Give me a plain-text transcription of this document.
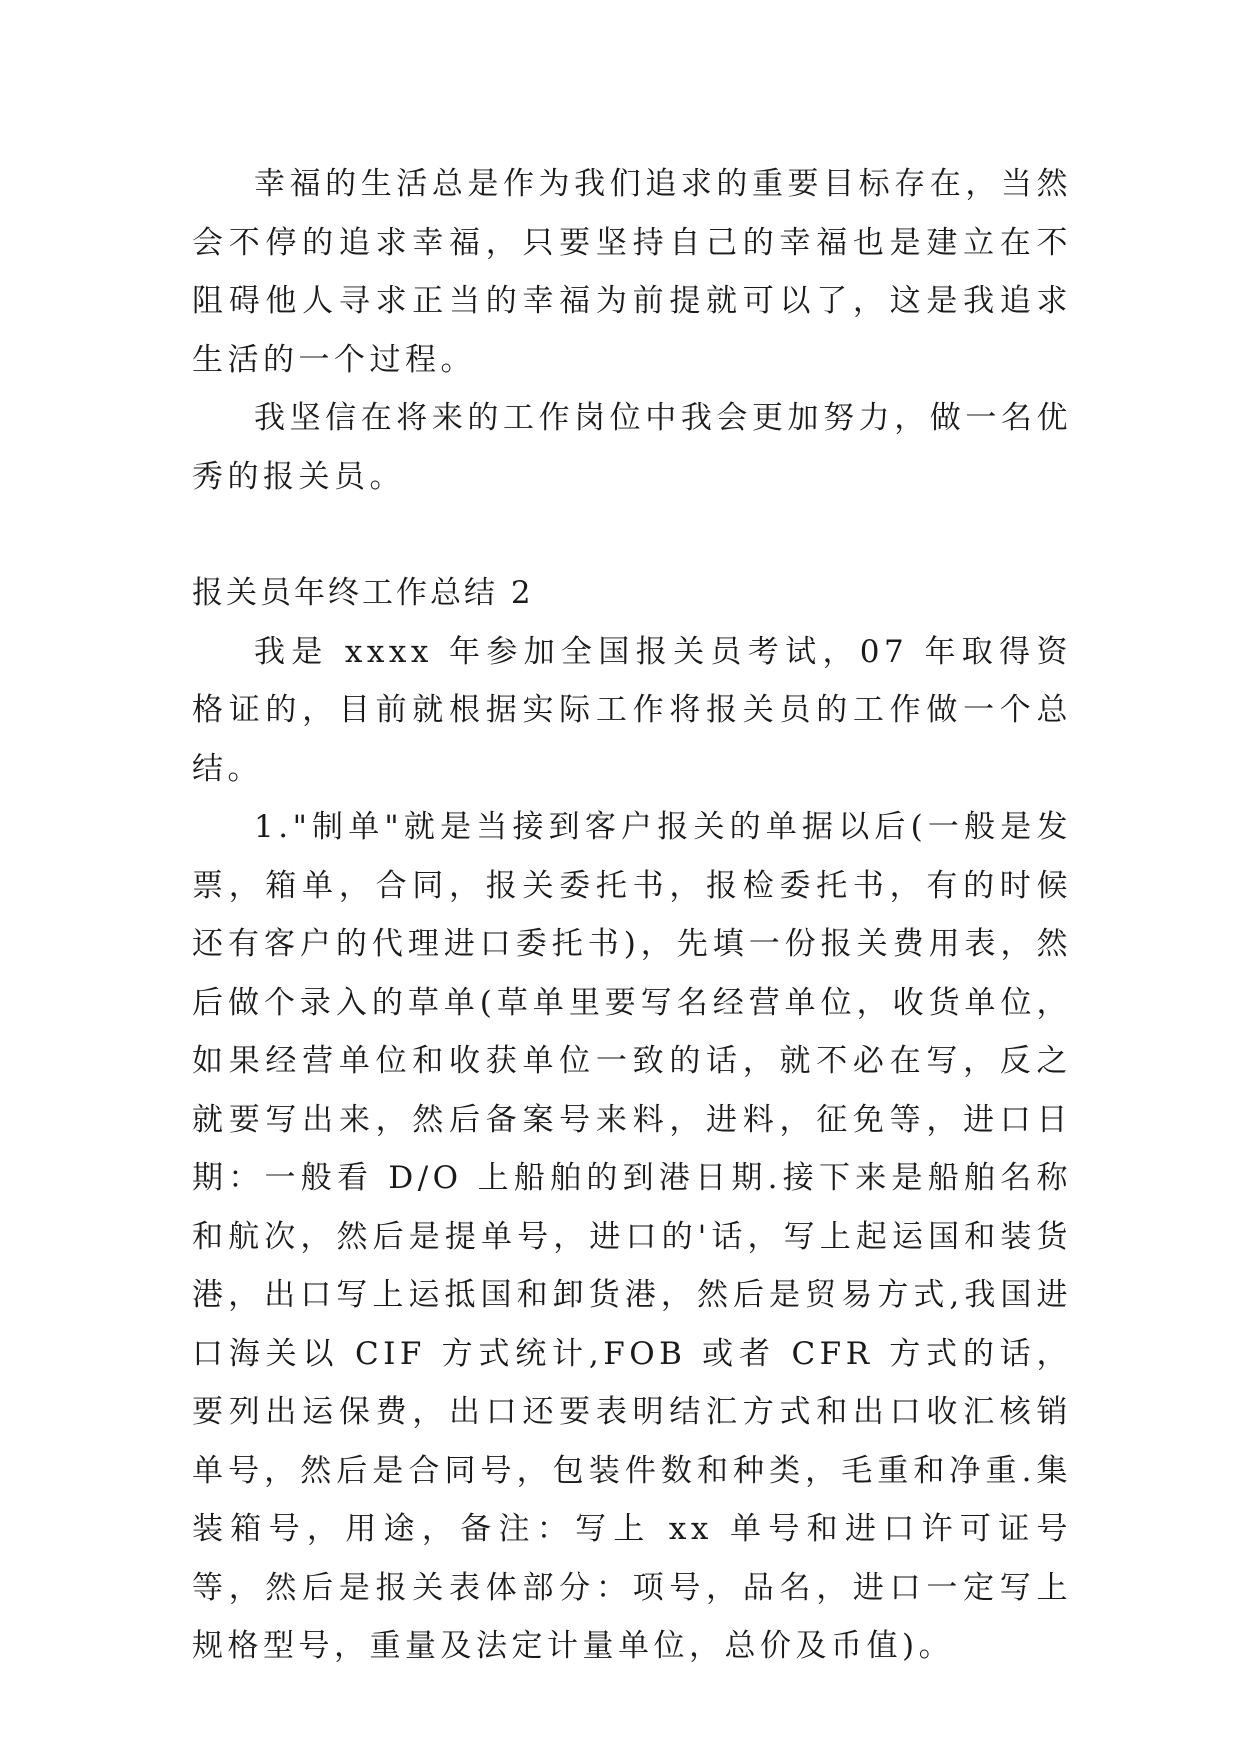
幸福的生活总是作为我们追求的重要目标存在，当然会不停的追求幸福，只要坚持自己的幸福也是建立在不阻碍他人寻求正当的幸福为前提就可以了，这是我追求生活的一个过程。

我坚信在将来的工作岗位中我会更加努力，做一名优秀的报关员。

报关员年终工作总结 2

我是 xxxx 年参加全国报关员考试，07 年取得资格证的，目前就根据实际工作将报关员的工作做一个总结。

1."制单"就是当接到客户报关的单据以后(一般是发票，箱单，合同，报关委托书，报检委托书，有的时候还有客户的代理进口委托书)，先填一份报关费用表，然后做个录入的草单(草单里要写名经营单位，收货单位，如果经营单位和收获单位一致的话，就不必在写，反之就要写出来，然后备案号来料，进料，征免等，进口日期：一般看 D/O 上船舶的到港日期.接下来是船舶名称和航次，然后是提单号，进口的'话，写上起运国和装货港，出口写上运抵国和卸货港，然后是贸易方式,我国进口海关以 CIF 方式统计,FOB 或者 CFR 方式的话，要列出运保费，出口还要表明结汇方式和出口收汇核销单号，然后是合同号，包装件数和种类，毛重和净重.集装箱号，用途，备注：写上 xx 单号和进口许可证号等，然后是报关表体部分：项号，品名，进口一定写上规格型号，重量及法定计量单位，总价及币值)。
